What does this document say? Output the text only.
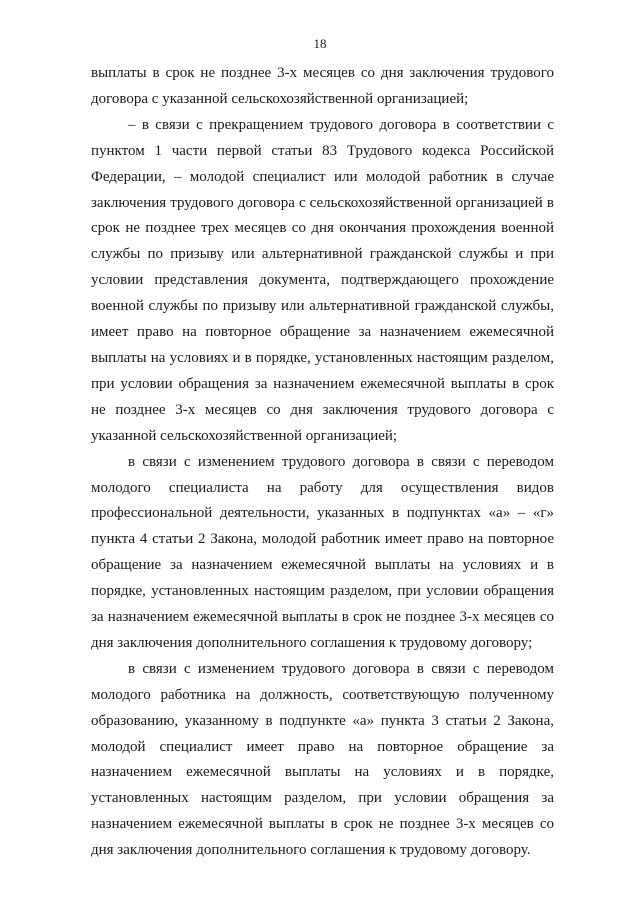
18

выплаты в срок не позднее 3-х месяцев со дня заключения трудового договора с указанной сельскохозяйственной организацией;

– в связи с прекращением трудового договора в соответствии с пунктом 1 части первой статьи 83 Трудового кодекса Российской Федерации, – молодой специалист или молодой работник в случае заключения трудового договора с сельскохозяйственной организацией в срок не позднее трех месяцев со дня окончания прохождения военной службы по призыву или альтернативной гражданской службы и при условии представления документа, подтверждающего прохождение военной службы по призыву или альтернативной гражданской службы, имеет право на повторное обращение за назначением ежемесячной выплаты на условиях и в порядке, установленных настоящим разделом, при условии обращения за назначением ежемесячной выплаты в срок не позднее 3-х месяцев со дня заключения трудового договора с указанной сельскохозяйственной организацией;

в связи с изменением трудового договора в связи с переводом молодого специалиста на работу для осуществления видов профессиональной деятельности, указанных в подпунктах «а» – «г» пункта 4 статьи 2 Закона, молодой работник имеет право на повторное обращение за назначением ежемесячной выплаты на условиях и в порядке, установленных настоящим разделом, при условии обращения за назначением ежемесячной выплаты в срок не позднее 3-х месяцев со дня заключения дополнительного соглашения к трудовому договору;

в связи с изменением трудового договора в связи с переводом молодого работника на должность, соответствующую полученному образованию, указанному в подпункте «а» пункта 3 статьи 2 Закона, молодой специалист имеет право на повторное обращение за назначением ежемесячной выплаты на условиях и в порядке, установленных настоящим разделом, при условии обращения за назначением ежемесячной выплаты в срок не позднее 3-х месяцев со дня заключения дополнительного соглашения к трудовому договору.
